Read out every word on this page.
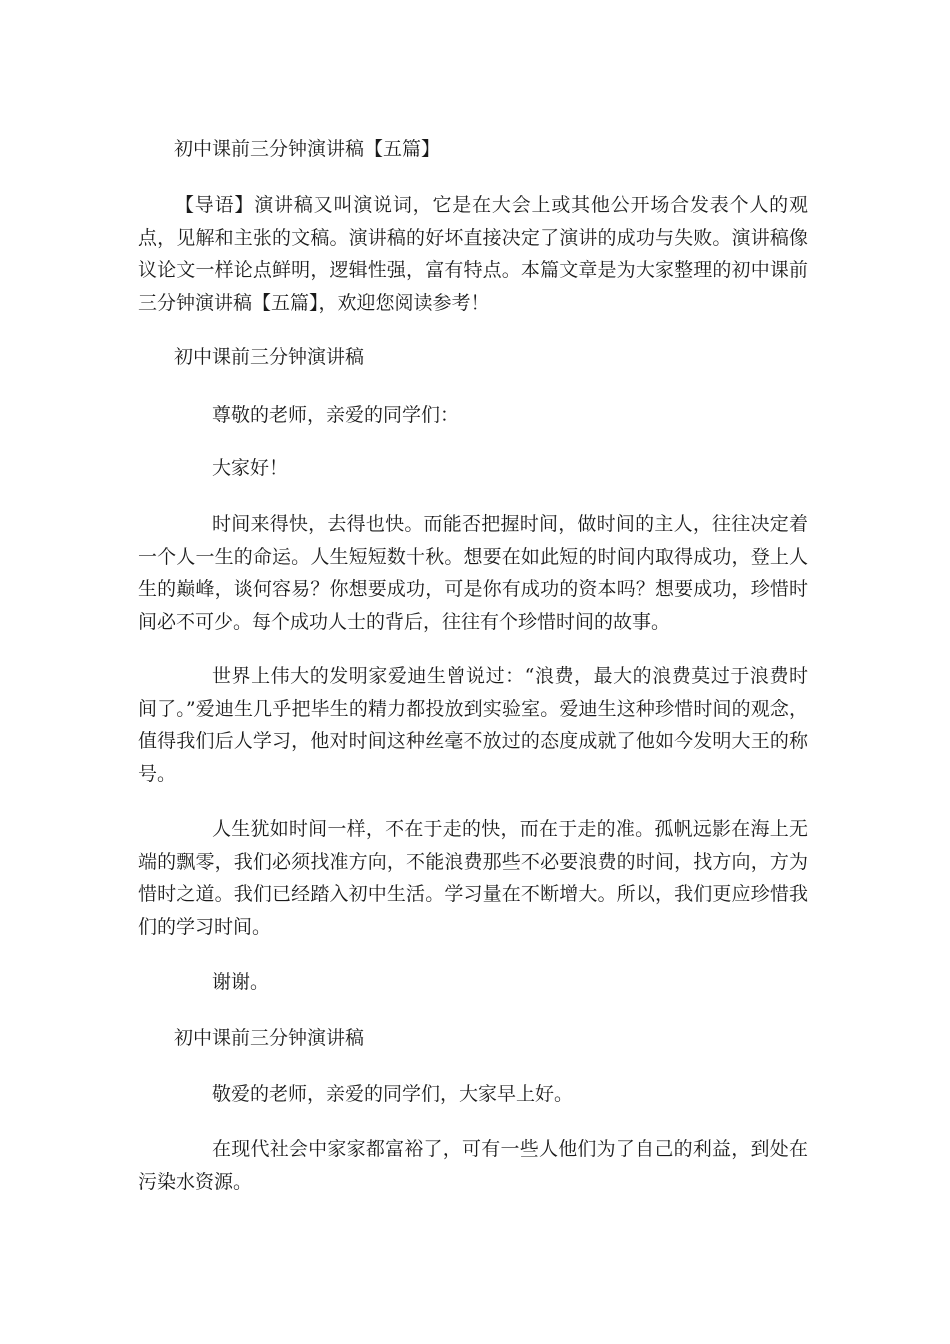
初中课前三分钟演讲稿【五篇】

【导语】演讲稿又叫演说词，它是在大会上或其他公开场合发表个人的观点，见解和主张的文稿。演讲稿的好坏直接决定了演讲的成功与失败。演讲稿像议论文一样论点鲜明，逻辑性强，富有特点。本篇文章是为大家整理的初中课前三分钟演讲稿【五篇】，欢迎您阅读参考！

初中课前三分钟演讲稿

尊敬的老师，亲爱的同学们：

大家好！

时间来得快，去得也快。而能否把握时间，做时间的主人，往往决定着一个人一生的命运。人生短短数十秋。想要在如此短的时间内取得成功，登上人生的巅峰，谈何容易？你想要成功，可是你有成功的资本吗？想要成功，珍惜时间必不可少。每个成功人士的背后，往往有个珍惜时间的故事。

世界上伟大的发明家爱迪生曾说过：“浪费，最大的浪费莫过于浪费时间了。”爱迪生几乎把毕生的精力都投放到实验室。爱迪生这种珍惜时间的观念，值得我们后人学习，他对时间这种丝毫不放过的态度成就了他如今发明大王的称号。

人生犹如时间一样，不在于走的快，而在于走的准。孤帆远影在海上无端的飘零，我们必须找准方向，不能浪费那些不必要浪费的时间，找方向，方为惜时之道。我们已经踏入初中生活。学习量在不断增大。所以，我们更应珍惜我们的学习时间。

谢谢。

初中课前三分钟演讲稿

敬爱的老师，亲爱的同学们，大家早上好。

在现代社会中家家都富裕了，可有一些人他们为了自己的利益，到处在污染水资源。
